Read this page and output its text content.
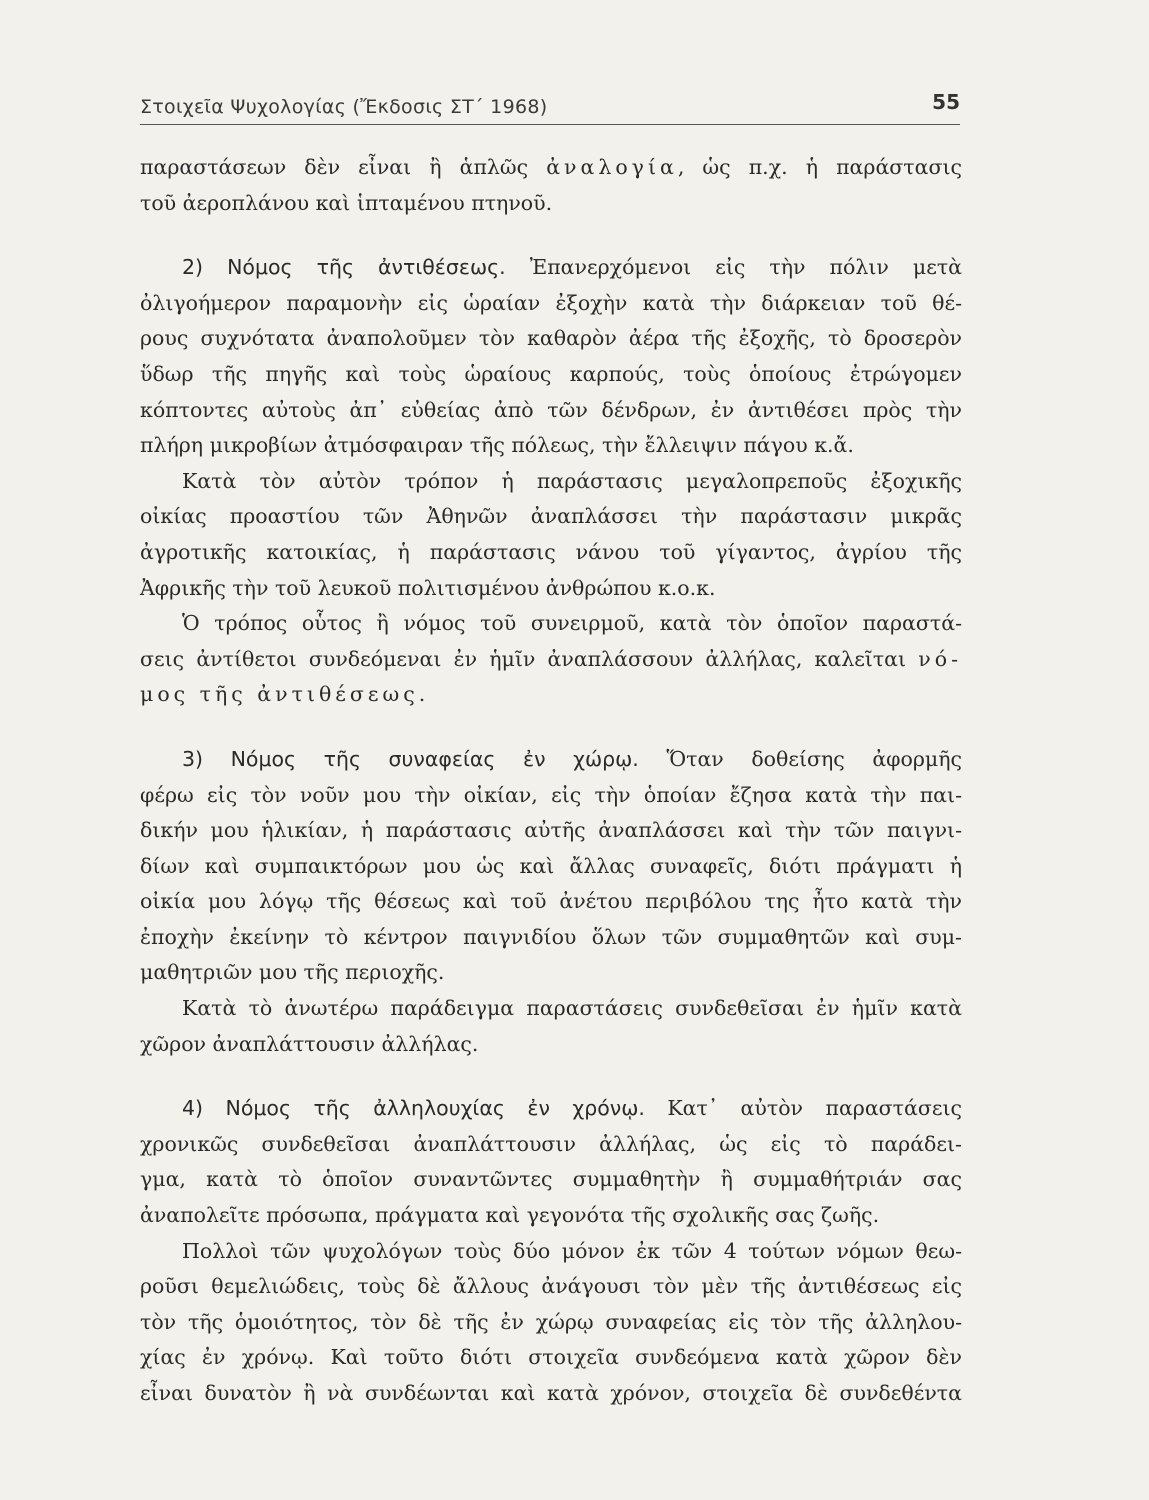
Στοιχεῖα Ψυχολογίας (Ἔκδοσις ΣΤ΄ 1968)	55
παραστάσεων δὲν εἶναι ἢ ἁπλῶς ἀναλογία, ὡς π.χ. ἡ παράστασις
τοῦ ἀεροπλάνου καὶ ἱπταμένου πτηνοῦ.
2) Νόμος τῆς ἀντιθέσεως. Ἐπανερχόμενοι εἰς τὴν πόλιν μετὰ
ὀλιγοήμερον παραμονὴν εἰς ὡραίαν ἐξοχὴν κατὰ τὴν διάρκειαν τοῦ θέ-
ρους συχνότατα ἀναπολοῦμεν τὸν καθαρὸν ἀέρα τῆς ἐξοχῆς, τὸ δροσερὸν
ὕδωρ τῆς πηγῆς καὶ τοὺς ὡραίους καρπούς, τοὺς ὁποίους ἐτρώγομεν
κόπτοντες αὐτοὺς ἀπ᾽ εὐθείας ἀπὸ τῶν δένδρων, ἐν ἀντιθέσει πρὸς τὴν
πλήρη μικροβίων ἀτμόσφαιραν τῆς πόλεως, τὴν ἔλλειψιν πάγου κ.ἄ.
Κατὰ τὸν αὐτὸν τρόπον ἡ παράστασις μεγαλοπρεποῦς ἐξοχικῆς
οἰκίας προαστίου τῶν Ἀθηνῶν ἀναπλάσσει τὴν παράστασιν μικρᾶς
ἀγροτικῆς κατοικίας, ἡ παράστασις νάνου τοῦ γίγαντος, ἀγρίου τῆς
Ἀφρικῆς τὴν τοῦ λευκοῦ πολιτισμένου ἀνθρώπου κ.ο.κ.
Ὁ τρόπος οὗτος ἢ νόμος τοῦ συνειρμοῦ, κατὰ τὸν ὁποῖον παραστά-
σεις ἀντίθετοι συνδεόμεναι ἐν ἡμῖν ἀναπλάσσουν ἀλλήλας, καλεῖται νό-
μος τῆς ἀντιθέσεως.
3) Νόμος τῆς συναφείας ἐν χώρῳ. Ὅταν δοθείσης ἀφορμῆς
φέρω εἰς τὸν νοῦν μου τὴν οἰκίαν, εἰς τὴν ὁποίαν ἔζησα κατὰ τὴν παι-
δικήν μου ἡλικίαν, ἡ παράστασις αὐτῆς ἀναπλάσσει καὶ τὴν τῶν παιγνι-
δίων καὶ συμπαικτόρων μου ὡς καὶ ἄλλας συναφεῖς, διότι πράγματι ἡ
οἰκία μου λόγῳ τῆς θέσεως καὶ τοῦ ἀνέτου περιβόλου της ἦτο κατὰ τὴν
ἐποχὴν ἐκείνην τὸ κέντρον παιγνιδίου ὅλων τῶν συμμαθητῶν καὶ συμ-
μαθητριῶν μου τῆς περιοχῆς.
Κατὰ τὸ ἀνωτέρω παράδειγμα παραστάσεις συνδεθεῖσαι ἐν ἡμῖν κατὰ
χῶρον ἀναπλάττουσιν ἀλλήλας.
4) Νόμος τῆς ἀλληλουχίας ἐν χρόνῳ. Κατ᾽ αὐτὸν παραστάσεις
χρονικῶς συνδεθεῖσαι ἀναπλάττουσιν ἀλλήλας, ὡς εἰς τὸ παράδει-
γμα, κατὰ τὸ ὁποῖον συναντῶντες συμμαθητὴν ἢ συμμαθήτριάν σας
ἀναπολεῖτε πρόσωπα, πράγματα καὶ γεγονότα τῆς σχολικῆς σας ζωῆς.
Πολλοὶ τῶν ψυχολόγων τοὺς δύο μόνον ἐκ τῶν 4 τούτων νόμων θεω-
ροῦσι θεμελιώδεις, τοὺς δὲ ἄλλους ἀνάγουσι τὸν μὲν τῆς ἀντιθέσεως εἰς
τὸν τῆς ὁμοιότητος, τὸν δὲ τῆς ἐν χώρῳ συναφείας εἰς τὸν τῆς ἀλληλου-
χίας ἐν χρόνῳ. Καὶ τοῦτο διότι στοιχεῖα συνδεόμενα κατὰ χῶρον δὲν
εἶναι δυνατὸν ἢ νὰ συνδέωνται καὶ κατὰ χρόνον, στοιχεῖα δὲ συνδεθέντα
